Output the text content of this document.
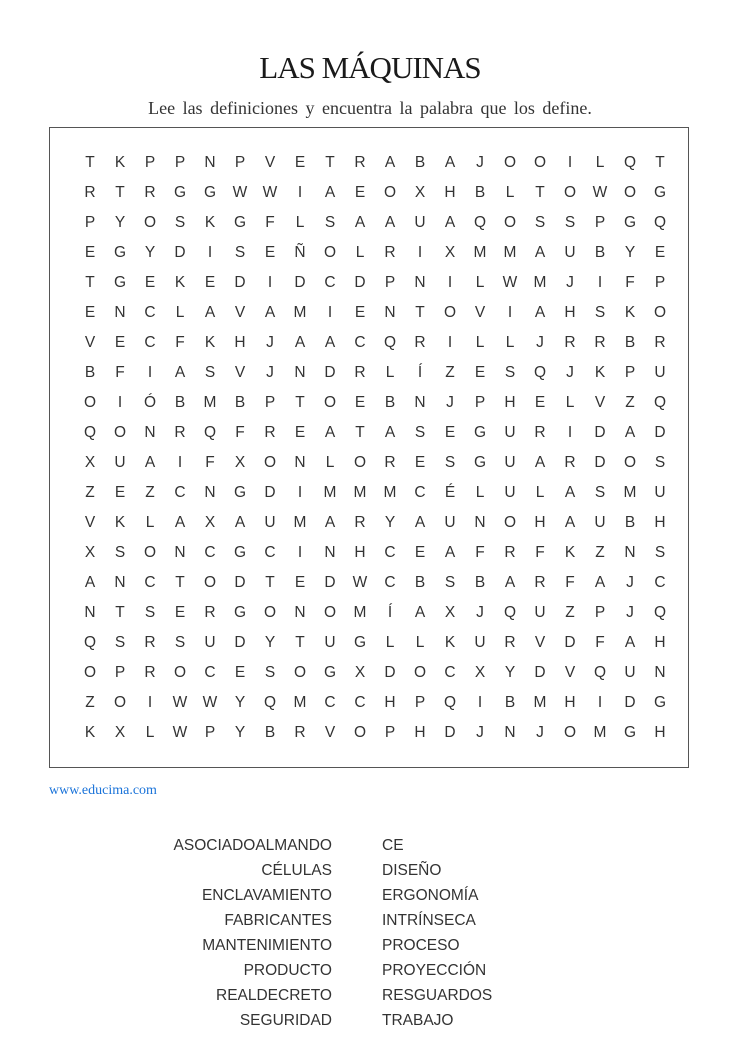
LAS MÁQUINAS
Lee las definiciones y encuentra la palabra que los define.
T	K	P	P	N	P	V	E	T	R	A	B	A	J	O	O	I	L	Q	T
R	T	R	G	G	W W	I	A	E	O	X	H	B	L	T	O	W	O	G
P	Y	O	S	K	G	F	L	S	A	A	U	A	Q	O	S	S	P	G	Q
E	G	Y	D	I	S	E	Ñ	O	L	R	I	X	M	M	A	U	B	Y	E
T	G	E	K	E	D	I	D	C	D	P	N	I	L	W	M	J	I	F	P
E	N	C	L	A	V	A	M	I	E	N	T	O	V	I	A	H	S	K	O
V	E	C	F	K	H	J	A	A	C	Q	R	I	L	L	J	R	R	B	R
B	F	I	A	S	V	J	N	D	R	L	Í	Z	E	S	Q	J	K	P	U
O	I	Ó	B	M	B	P	T	O	E	B	N	J	P	H	E	L	V	Z	Q
Q	O	N	R	Q	F	R	E	A	T	A	S	E	G	U	R	I	D	A	D
X	U	A	I	F	X	O	N	L	O	R	E	S	G	U	A	R	D	O	S
Z	E	Z	C	N	G	D	I	M	M	M	C	É	L	U	L	A	S	M	U
V	K	L	A	X	A	U	M	A	R	Y	A	U	N	O	H	A	U	B	H
X	S	O	N	C	G	C	I	N	H	C	E	A	F	R	F	K	Z	N	S
A	N	C	T	O	D	T	E	D	W	C	B	S	B	A	R	F	A	J	C
N	T	S	E	R	G	O	N	O	M	Í	A	X	J	Q	U	Z	P	J	Q
Q	S	R	S	U	D	Y	T	U	G	L	L	K	U	R	V	D	F	A	H
O	P	R	O	C	E	S	O	G	X	D	O	C	X	Y	D	V	Q	U	N
Z	O	I	W W	Y	Q	M	C	C	H	P	Q	I	B	M	H	I	D	G
K	X	L	W	P	Y	B	R	V	O	P	H	D	J	N	J	O	M	G	H
www.educima.com
ASOCIADOALMANDO
CÉLULAS
ENCLAVAMIENTO
FABRICANTES
MANTENIMIENTO
PRODUCTO
REALDECRETO
SEGURIDAD
CE
DISEÑO
ERGONOMÍA
INTRÍNSECA
PROCESO
PROYECCIÓN
RESGUARDOS
TRABAJO
